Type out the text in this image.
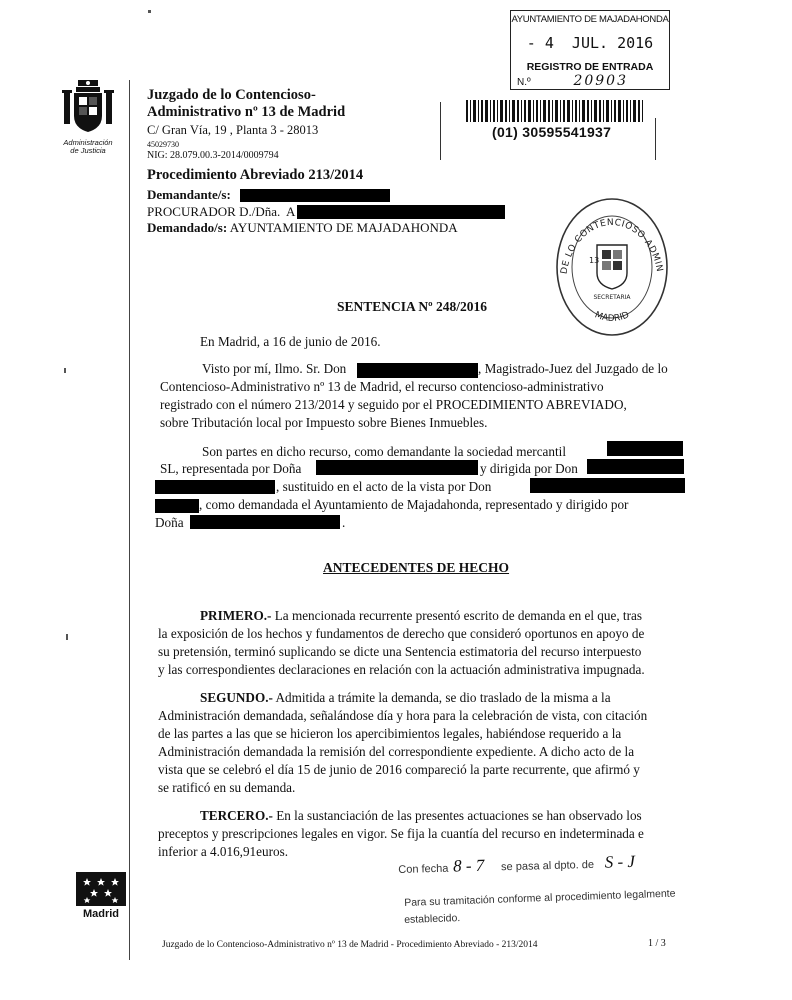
Administración
de Justicia
Juzgado de lo Contencioso-
Administrativo nº 13 de Madrid
C/ Gran Vía, 19 , Planta 3 - 28013
45029730
NIG: 28.079.00.3-2014/0009794
Procedimiento Abreviado 213/2014
Demandante/s:
PROCURADOR D./Dña. A
Demandado/s: AYUNTAMIENTO DE MAJADAHONDA
AYUNTAMIENTO DE MAJADAHONDA
- 4  JUL. 2016
REGISTRO DE ENTRADA
N.º	20903
(01) 30595541937
DE LO CONTENCIOSO-ADMIN
MADRID
13
SECRETARIA
SENTENCIA Nº 248/2016
En Madrid, a 16 de junio de 2016.
Visto por mí, Ilmo. Sr. Don	, Magistrado-Juez del Juzgado de lo
Contencioso-Administrativo nº 13 de Madrid, el recurso contencioso-administrativo
registrado con el número 213/2014 y seguido por el PROCEDIMIENTO ABREVIADO,
sobre Tributación local por Impuesto sobre Bienes Inmuebles.
Son partes en dicho recurso, como demandante la sociedad mercantil
SL, representada por Doña	y dirigida por Don
, sustituido en el acto de la vista por Don
, como demandada el Ayuntamiento de Majadahonda, representado y dirigido por
Doña	.
ANTECEDENTES DE HECHO
PRIMERO.- La mencionada recurrente presentó escrito de demanda en el que, tras
la exposición de los hechos y fundamentos de derecho que consideró oportunos en apoyo de
su pretensión, terminó suplicando se dicte una Sentencia estimatoria del recurso interpuesto
y las correspondientes declaraciones en relación con la actuación administrativa impugnada.
SEGUNDO.- Admitida a trámite la demanda, se dio traslado de la misma a la
Administración demandada, señalándose día y hora para la celebración de vista, con citación
de las partes a las que se hicieron los apercibimientos legales, habiéndose requerido a la
Administración demandada la remisión del correspondiente expediente. A dicho acto de la
vista que se celebró el día 15 de junio de 2016 compareció la parte recurrente, que afirmó y
se ratificó en su demanda.
TERCERO.- En la sustanciación de las presentes actuaciones se han observado los
preceptos y prescripciones legales en vigor. Se fija la cuantía del recurso en indeterminada e
inferior a 4.016,91euros.
Con fecha 8 - 7 se pasa al dpto. de S - J
Para su tramitación conforme al procedimiento legalmente
establecido.
Madrid
Juzgado de lo Contencioso-Administrativo nº 13 de Madrid - Procedimiento Abreviado - 213/2014	1 / 3
